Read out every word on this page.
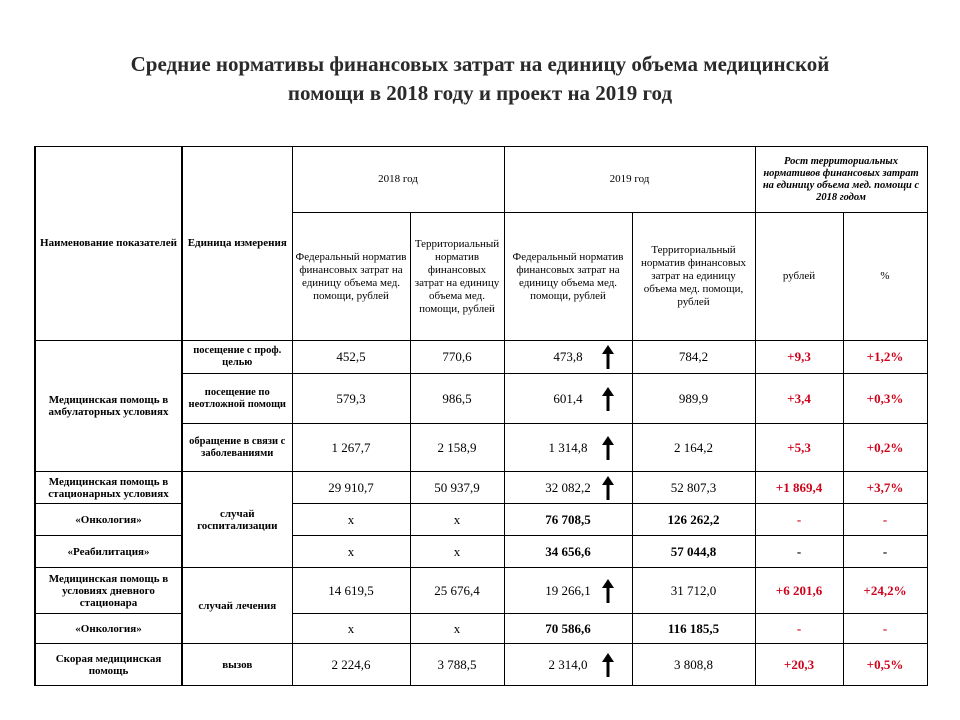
Средние нормативы финансовых затрат на единицу объема медицинской
помощи в 2018 году и проект на 2019 год
Наименование показателей	Единица измерения	2018 год		2019 год		Рост территориальных нормативов финансовых затрат на единицу объема мед. помощи с 2018 годом	
		Федеральный норматив финансовых затрат на единицу объема мед. помощи, рублей	Территориальный норматив финансовых затрат на единицу объема мед. помощи, рублей	Федеральный норматив финансовых затрат на единицу объема мед. помощи, рублей	Территориальный норматив финансовых затрат на единицу объема мед. помощи, рублей	рублей	%
Медицинская помощь в амбулаторных условиях	посещение с проф. целью	452,5	770,6	473,8	784,2	+9,3	+1,2%
	посещение по неотложной помощи	579,3	986,5	601,4	989,9	+3,4	+0,3%
	обращение в связи с заболеваниями	1 267,7	2 158,9	1 314,8	2 164,2	+5,3	+0,2%
Медицинская помощь в стационарных условиях	случай госпитализации	29 910,7	50 937,9	32 082,2	52 807,3	+1 869,4	+3,7%
«Онкология»		x	x	76 708,5	126 262,2	-	-
«Реабилитация»		x	x	34 656,6	57 044,8	-	-
Медицинская помощь в условиях дневного стационара	случай лечения	14 619,5	25 676,4	19 266,1	31 712,0	+6 201,6	+24,2%
«Онкология»		x	x	70 586,6	116 185,5	-	-
Скорая медицинская помощь	вызов	2 224,6	3 788,5	2 314,0	3 808,8	+20,3	+0,5%
